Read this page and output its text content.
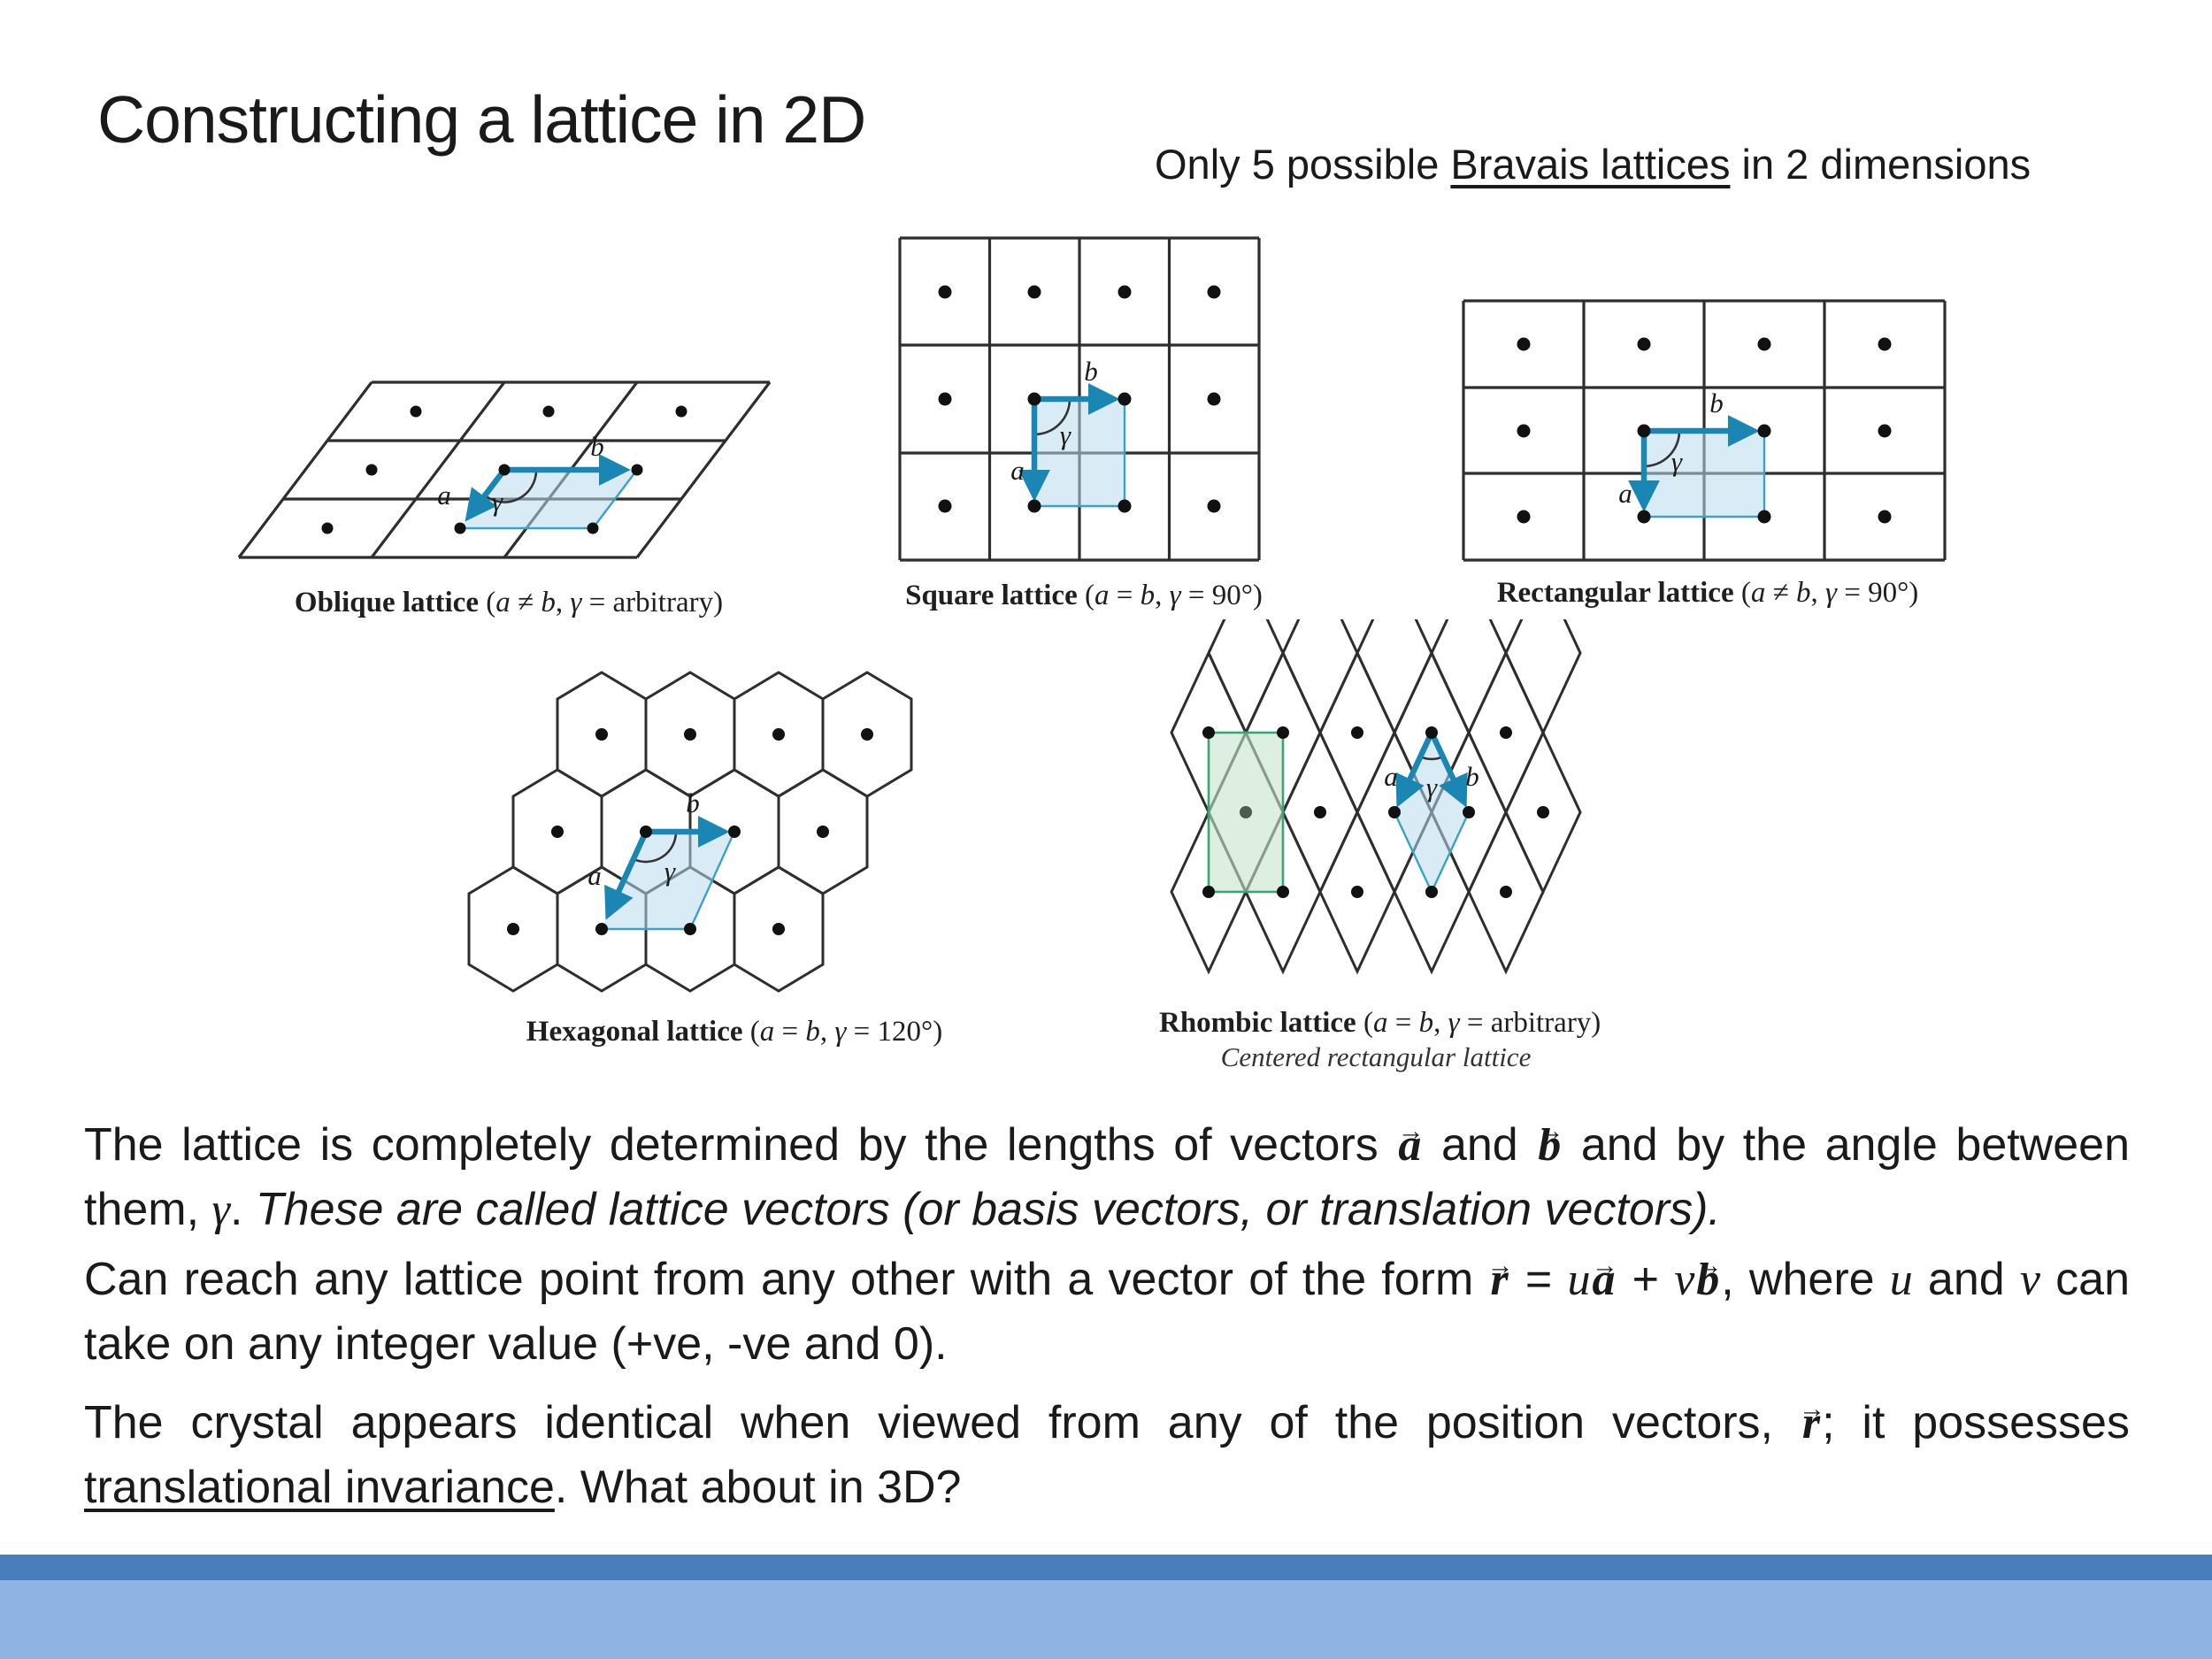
Constructing a lattice in 2D
Only 5 possible Bravais lattices in 2 dimensions
b
a γ
Oblique lattice (a ≠ b, γ = arbitrary)
b
a
γ
Square lattice (a = b, γ = 90°)
b
a
γ
Rectangular lattice (a ≠ b, γ = 90°)
b
a γ
Hexagonal lattice (a = b, γ = 120°)
a γ b
Rhombic lattice (a = b, γ = arbitrary)
Centered rectangular lattice

The lattice is completely determined by the lengths of vectors → a and → b and by the angle between them, γ. These are called lattice vectors (or basis vectors, or translation vectors).

Can reach any lattice point from any other with a vector of the form → r = u→ a + v→ b, where u and v can take on any integer value (+ve, -ve and 0).

The crystal appears identical when viewed from any of the position vectors, → r; it possesses translational invariance. What about in 3D?
